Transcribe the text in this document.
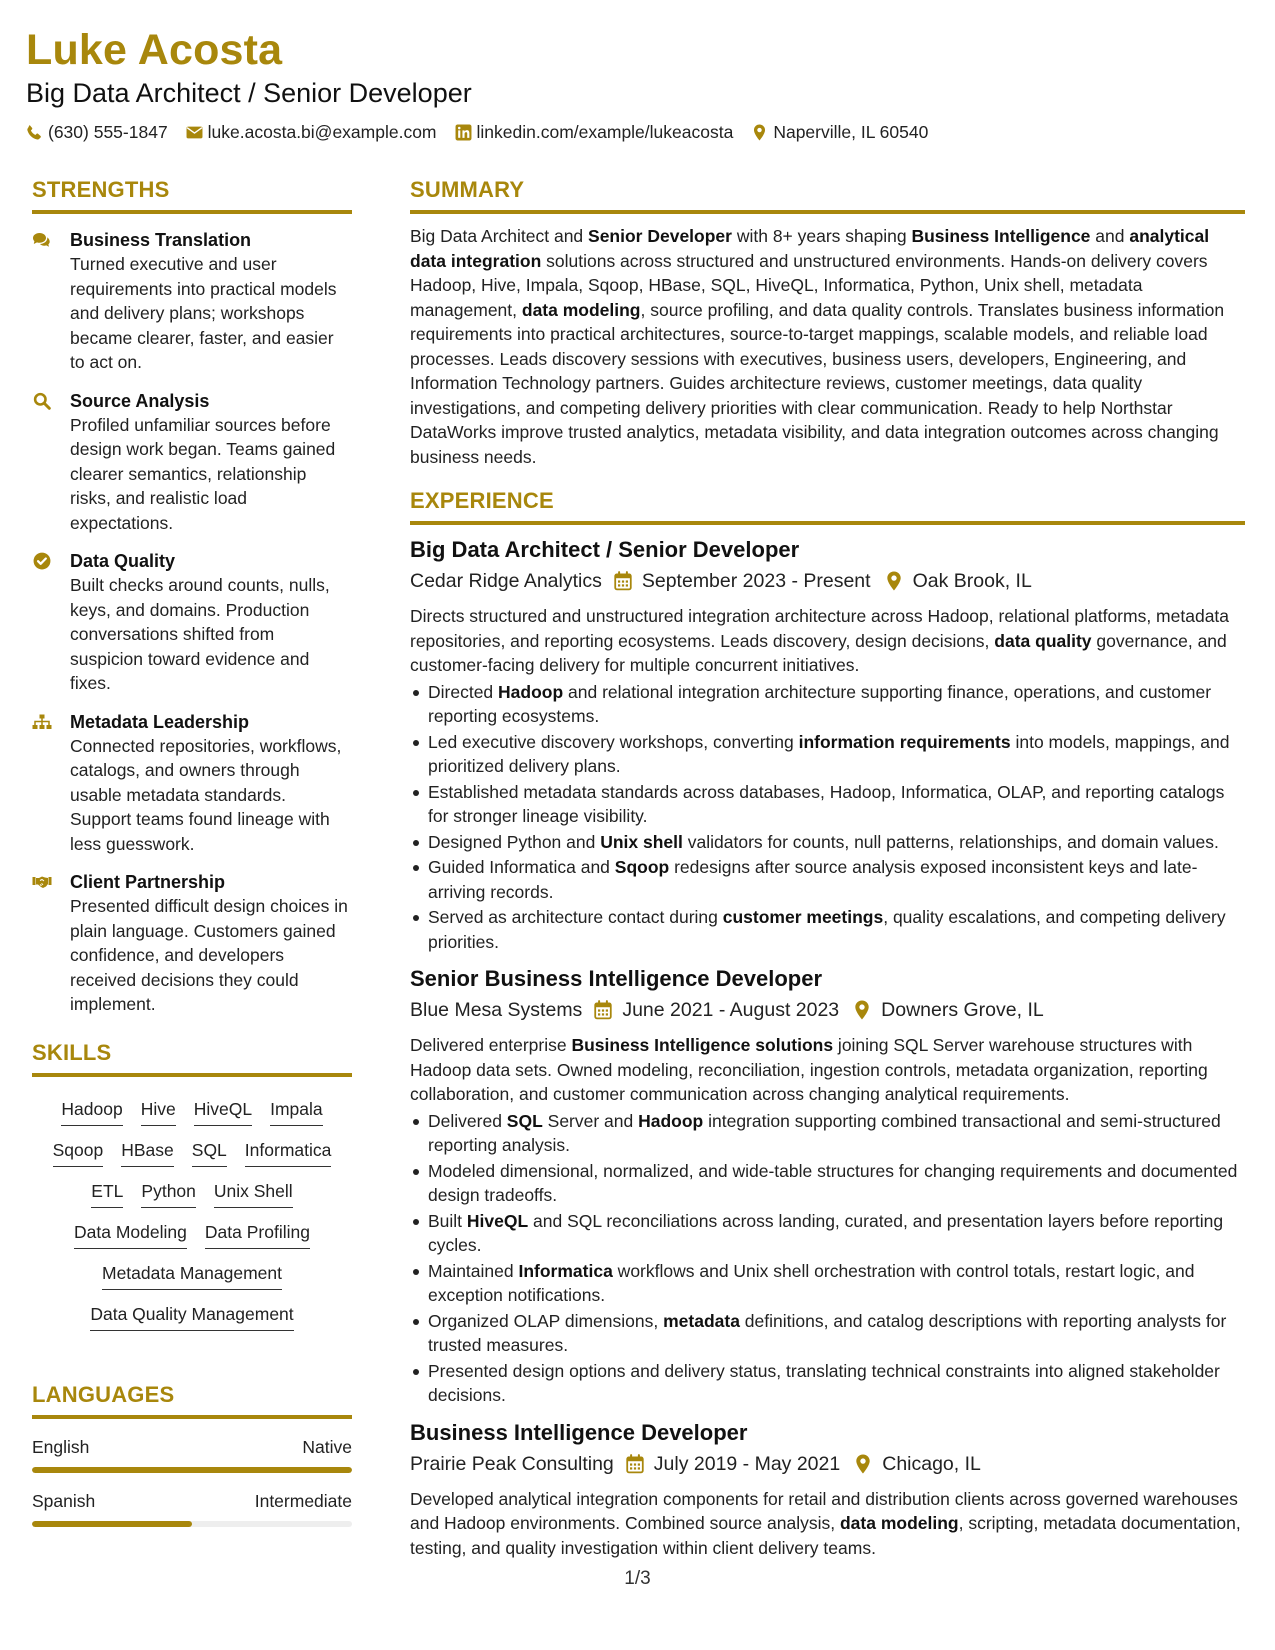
Luke Acosta
Big Data Architect / Senior Developer
(630) 555-1847 luke.acosta.bi@example.com linkedin.com/example/lukeacosta Naperville, IL 60540
STRENGTHS
Business Translation
Turned executive and user requirements into practical models and delivery plans; workshops became clearer, faster, and easier to act on.
Source Analysis
Profiled unfamiliar sources before design work began. Teams gained clearer semantics, relationship risks, and realistic load expectations.
Data Quality
Built checks around counts, nulls, keys, and domains. Production conversations shifted from suspicion toward evidence and fixes.
Metadata Leadership
Connected repositories, workflows, catalogs, and owners through usable metadata standards. Support teams found lineage with less guesswork.
Client Partnership
Presented difficult design choices in plain language. Customers gained confidence, and developers received decisions they could implement.
SKILLS
Hadoop Hive HiveQL Impala
Sqoop HBase SQL Informatica
ETL Python Unix Shell
Data Modeling Data Profiling
Metadata Management
Data Quality Management
LANGUAGES
English	Native
Spanish	Intermediate
SUMMARY

Big Data Architect and Senior Developer with 8+ years shaping Business Intelligence and analytical data integration solutions across structured and unstructured environments. Hands-on delivery covers Hadoop, Hive, Impala, Sqoop, HBase, SQL, HiveQL, Informatica, Python, Unix shell, metadata management, data modeling, source profiling, and data quality controls. Translates business information requirements into practical architectures, source-to-target mappings, scalable models, and reliable load processes. Leads discovery sessions with executives, business users, developers, Engineering, and Information Technology partners. Guides architecture reviews, customer meetings, data quality investigations, and competing delivery priorities with clear communication. Ready to help Northstar DataWorks improve trusted analytics, metadata visibility, and data integration outcomes across changing business needs.

EXPERIENCE
Big Data Architect / Senior Developer
Cedar Ridge Analytics September 2023 - Present Oak Brook, IL

Directs structured and unstructured integration architecture across Hadoop, relational platforms, metadata repositories, and reporting ecosystems. Leads discovery, design decisions, data quality governance, and customer-facing delivery for multiple concurrent initiatives.

Directed Hadoop and relational integration architecture supporting finance, operations, and customer reporting ecosystems.
Led executive discovery workshops, converting information requirements into models, mappings, and prioritized delivery plans.
Established metadata standards across databases, Hadoop, Informatica, OLAP, and reporting catalogs for stronger lineage visibility.
Designed Python and Unix shell validators for counts, null patterns, relationships, and domain values.
Guided Informatica and Sqoop redesigns after source analysis exposed inconsistent keys and late-arriving records.
Served as architecture contact during customer meetings, quality escalations, and competing delivery priorities.
Senior Business Intelligence Developer
Blue Mesa Systems June 2021 - August 2023 Downers Grove, IL

Delivered enterprise Business Intelligence solutions joining SQL Server warehouse structures with Hadoop data sets. Owned modeling, reconciliation, ingestion controls, metadata organization, reporting collaboration, and customer communication across changing analytical requirements.

Delivered SQL Server and Hadoop integration supporting combined transactional and semi-structured reporting analysis.
Modeled dimensional, normalized, and wide-table structures for changing requirements and documented design tradeoffs.
Built HiveQL and SQL reconciliations across landing, curated, and presentation layers before reporting cycles.
Maintained Informatica workflows and Unix shell orchestration with control totals, restart logic, and exception notifications.
Organized OLAP dimensions, metadata definitions, and catalog descriptions with reporting analysts for trusted measures.
Presented design options and delivery status, translating technical constraints into aligned stakeholder decisions.
Business Intelligence Developer
Prairie Peak Consulting July 2019 - May 2021 Chicago, IL

Developed analytical integration components for retail and distribution clients across governed warehouses and Hadoop environments. Combined source analysis, data modeling, scripting, metadata documentation, testing, and quality investigation within client delivery teams.

1/3
